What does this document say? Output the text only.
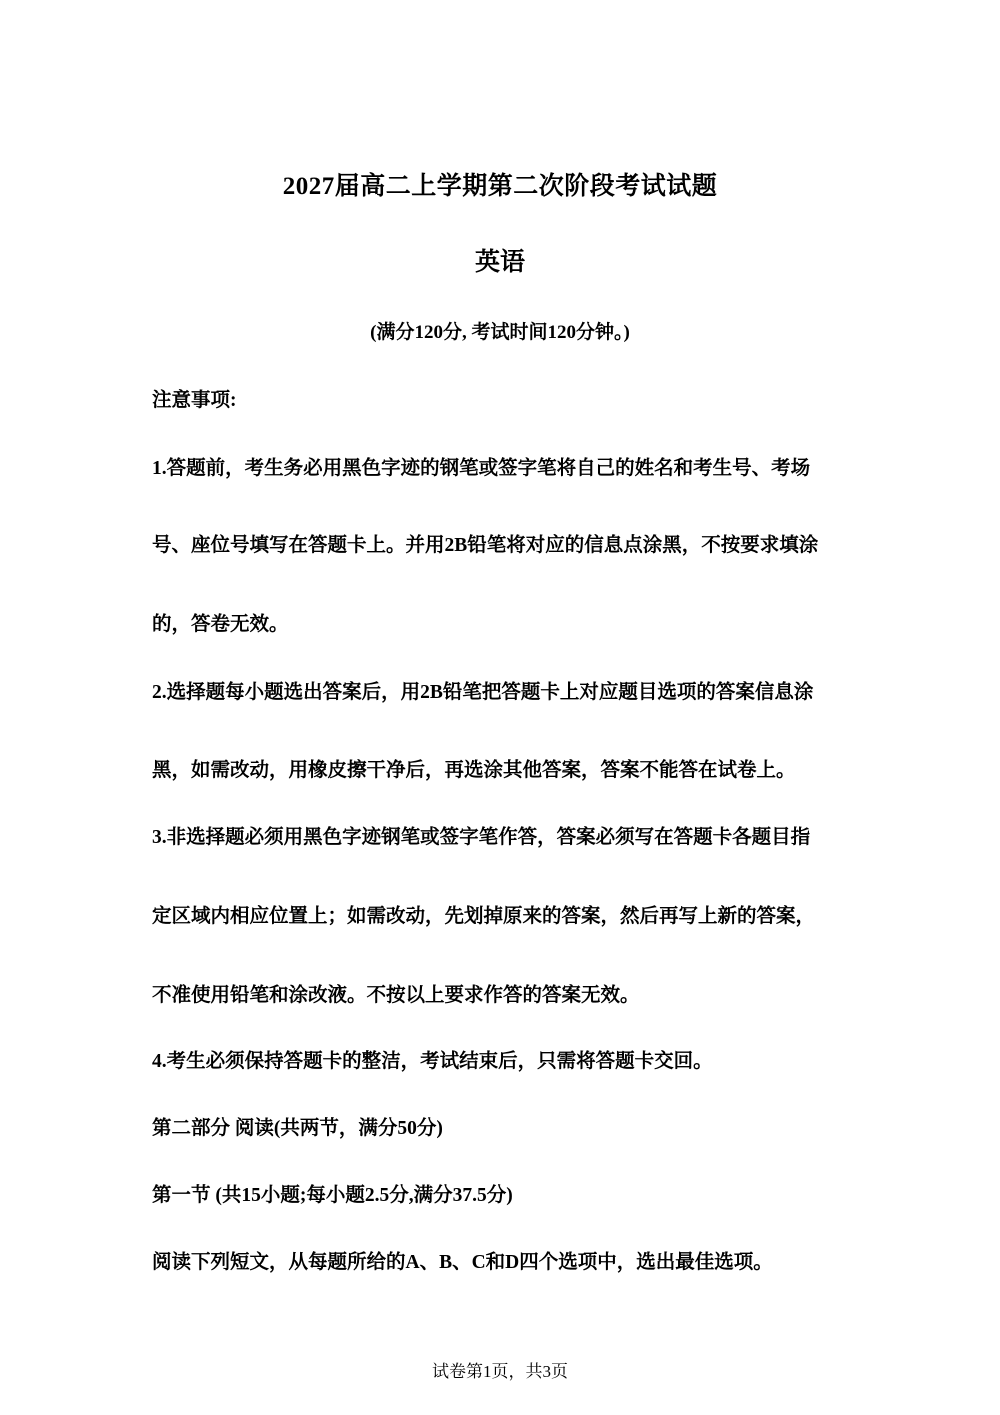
2027届高二上学期第二次阶段考试试题
英语
(满分120分, 考试时间120分钟。)
注意事项:
1.答题前，考生务必用黑色字迹的钢笔或签字笔将自己的姓名和考生号、考场
号、座位号填写在答题卡上。并用2B铅笔将对应的信息点涂黑，不按要求填涂
的，答卷无效。
2.选择题每小题选出答案后，用2B铅笔把答题卡上对应题目选项的答案信息涂
黑，如需改动，用橡皮擦干净后，再选涂其他答案，答案不能答在试卷上。
3.非选择题必须用黑色字迹钢笔或签字笔作答，答案必须写在答题卡各题目指
定区域内相应位置上；如需改动，先划掉原来的答案，然后再写上新的答案，
不准使用铅笔和涂改液。不按以上要求作答的答案无效。
4.考生必须保持答题卡的整洁，考试结束后，只需将答题卡交回。
第二部分 阅读(共两节，满分50分)
第一节 (共15小题;每小题2.5分,满分37.5分)
阅读下列短文，从每题所给的A、B、C和D四个选项中，选出最佳选项。
试卷第1页，共3页
